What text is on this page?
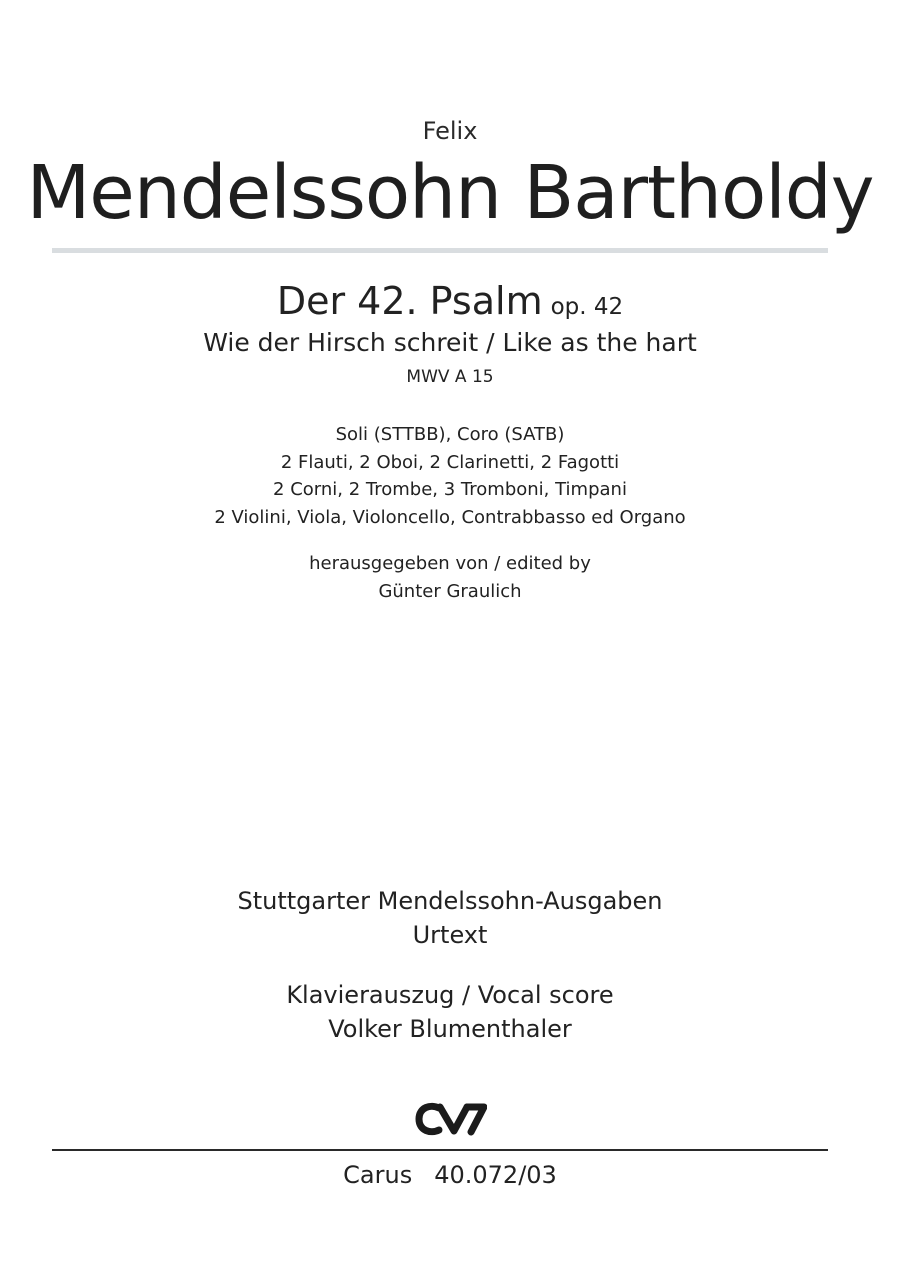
Felix
Mendelssohn Bartholdy
Der 42. Psalm op. 42
Wie der Hirsch schreit / Like as the hart
MWV A 15
Soli (STTBB), Coro (SATB)
2 Flauti, 2 Oboi, 2 Clarinetti, 2 Fagotti
2 Corni, 2 Trombe, 3 Tromboni, Timpani
2 Violini, Viola, Violoncello, Contrabbasso ed Organo
herausgegeben von / edited by
Günter Graulich
Stuttgarter Mendelssohn-Ausgaben
Urtext
Klavierauszug / Vocal score
Volker Blumenthaler
Carus 40.072/03
